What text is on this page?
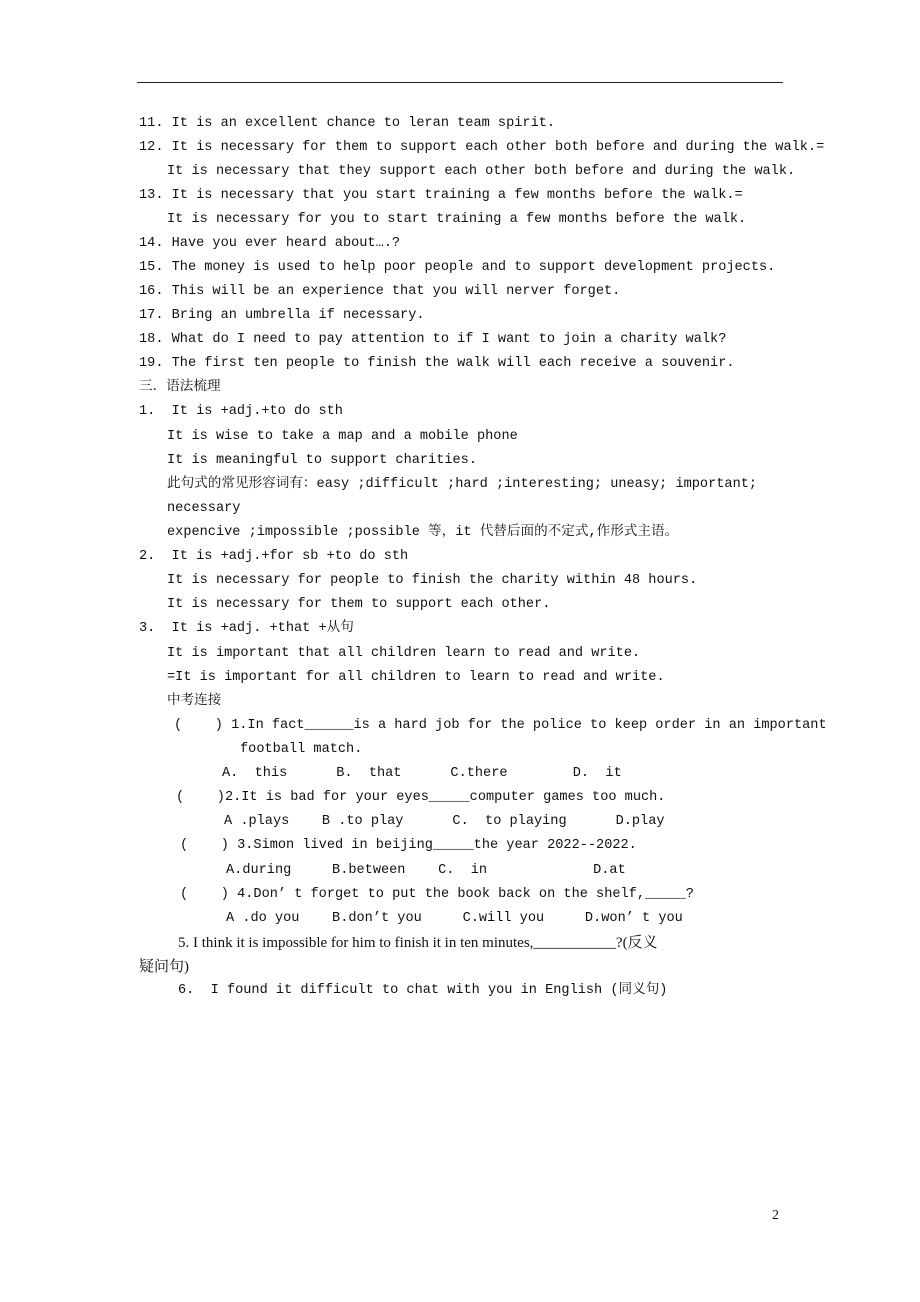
11. It is an excellent chance to leran team spirit.
12. It is necessary for them to support each other both before and during the walk.=
It is necessary that they support each other both before and during the walk.
13. It is necessary that you start training a few months before the walk.=
It is necessary for you to start training a few months before the walk.
14. Have you ever heard about….?
15. The money is used to help poor people and to support development projects.
16. This will be an experience that you will nerver forget.
17. Bring an umbrella if necessary.
18. What do I need to pay attention to if I want to join a charity walk?
19. The first ten people to finish the walk will each receive a souvenir.
三．语法梳理
1.  It is +adj.+to do sth
It is wise to take a map and a mobile phone
It is meaningful to support charities.
此句式的常见形容词有：easy ;difficult ;hard ;interesting; uneasy; important;
necessary
expencive ;impossible ;possible 等，it 代替后面的不定式,作形式主语。
2.  It is +adj.+for sb +to do sth
It is necessary for people to finish the charity within 48 hours.
It is necessary for them to support each other.
3.  It is +adj. +that +从句
It is important that all children learn to read and write.
=It is important for all children to learn to read and write.
中考连接
(    ) 1.In fact______is a hard job for the police to keep order in an important
football match.
A.  this      B.  that      C.there        D.  it
(    )2.It is bad for your eyes_____computer games too much.
A .plays    B .to play      C.  to playing      D.play
(    ) 3.Simon lived in beijing_____the year 2022--2022.
A.during     B.between    C.  in             D.at
(    ) 4.Don’ t forget to put the book back on the shelf,_____?
A .do you    B.don’t you     C.will you     D.won’ t you
5. I think it is impossible for him to finish it in ten minutes,___________?(反义
疑问句)
6.  I found it difficult to chat with you in English (同义句)
2
